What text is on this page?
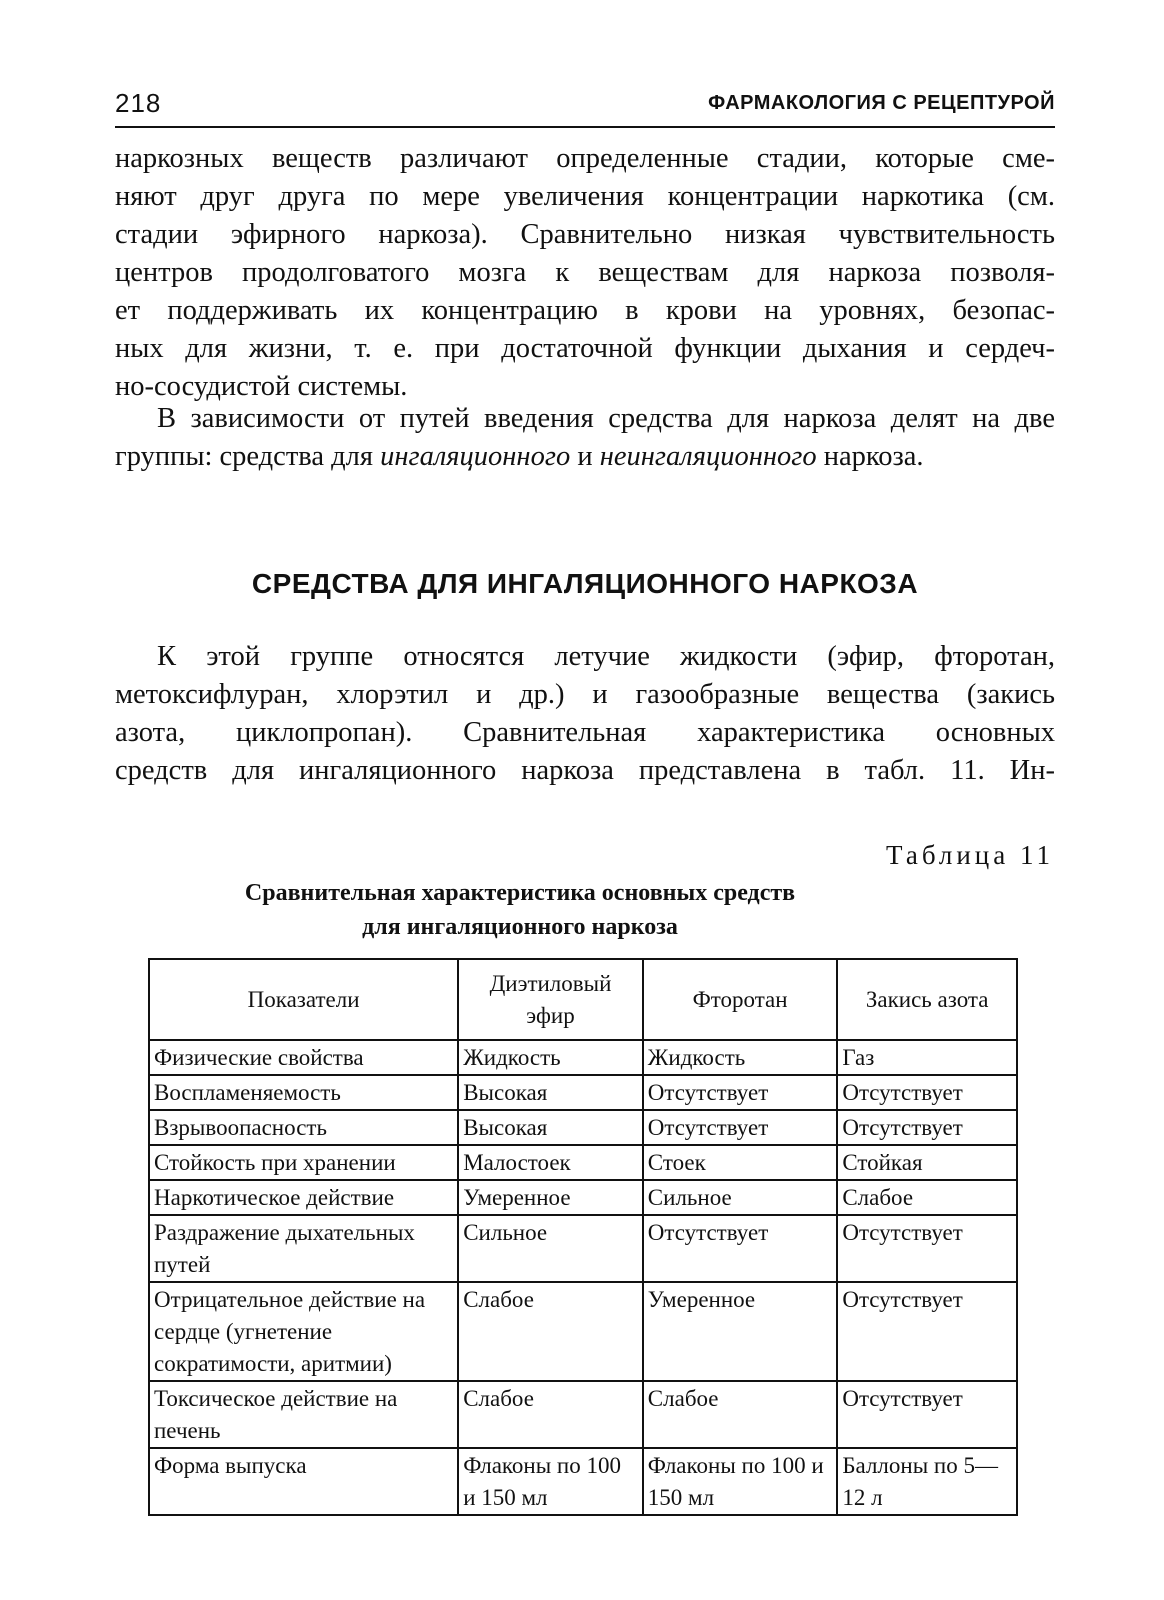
218	ФАРМАКОЛОГИЯ С РЕЦЕПТУРОЙ
наркозных веществ различают определенные стадии, которые сме-
няют друг друга по мере увеличения концентрации наркотика (см.
стадии эфирного наркоза). Сравнительно низкая чувствительность
центров продолговатого мозга к веществам для наркоза позволя-
ет поддерживать их концентрацию в крови на уровнях, безопас-
ных для жизни, т. е. при достаточной функции дыхания и сердеч-
но-сосудистой системы.
В зависимости от путей введения средства для наркоза делят на две
группы: средства для ингаляционного и неингаляционного наркоза.
СРЕДСТВА ДЛЯ ИНГАЛЯЦИОННОГО НАРКОЗА
К этой группе относятся летучие жидкости (эфир, фторотан,
метоксифлуран, хлорэтил и др.) и газообразные вещества (закись
азота, циклопропан). Сравнительная характеристика основных
средств для ингаляционного наркоза представлена в табл. 11. Ин-
Таблица 11
Сравнительная характеристика основных средств
для ингаляционного наркоза
Показатели	Диэтиловый эфир	Фторотан	Закись азота
Физические свойства	Жидкость	Жидкость	Газ
Воспламеняемость	Высокая	Отсутствует	Отсутствует
Взрывоопасность	Высокая	Отсутствует	Отсутствует
Стойкость при хранении	Малостоек	Стоек	Стойкая
Наркотическое действие	Умеренное	Сильное	Слабое
Раздражение дыхательных путей	Сильное	Отсутствует	Отсутствует
Отрицательное действие на сердце (угнетение сократимости, аритмии)	Слабое	Умеренное	Отсутствует
Токсическое действие на печень	Слабое	Слабое	Отсутствует
Форма выпуска	Флаконы по 100 и 150 мл	Флаконы по 100 и 150 мл	Баллоны по 5—12 л
